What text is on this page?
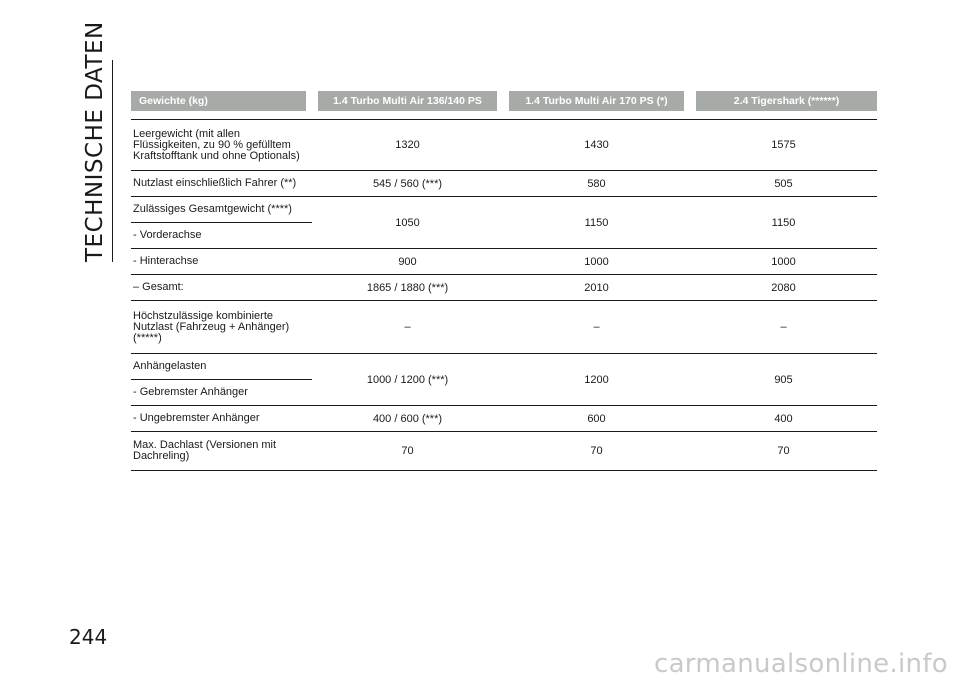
TECHNISCHE DATEN	Gewichte (kg)	1.4 Turbo Multi Air 136/140 PS	1.4 Turbo Multi Air 170 PS (*)	2.4 Tigershark (******)

Leergewicht (mit allen
Flüssigkeiten, zu 90 % gefülltem
Kraftstofftank und ohne Optionals)	1320	1430	1575
Nutzlast einschließlich Fahrer (**)	545 / 560 (***)	580	505
Zulässiges Gesamtgewicht (****)	1050	1150	1150
- Vorderachse			
- Hinterachse	900	1000	1000
– Gesamt:	1865 / 1880 (***)	2010	2080

Höchstzulässige kombinierte
Nutzlast (Fahrzeug + Anhänger)
(*****)	–	–	–
Anhängelasten	1000 / 1200 (***)	1200	905
- Gebremster Anhänger			
- Ungebremster Anhänger	400 / 600 (***)	600	400

Max. Dachlast (Versionen mit
Dachreling)	70	70	70
244
carmanualsonline.info
